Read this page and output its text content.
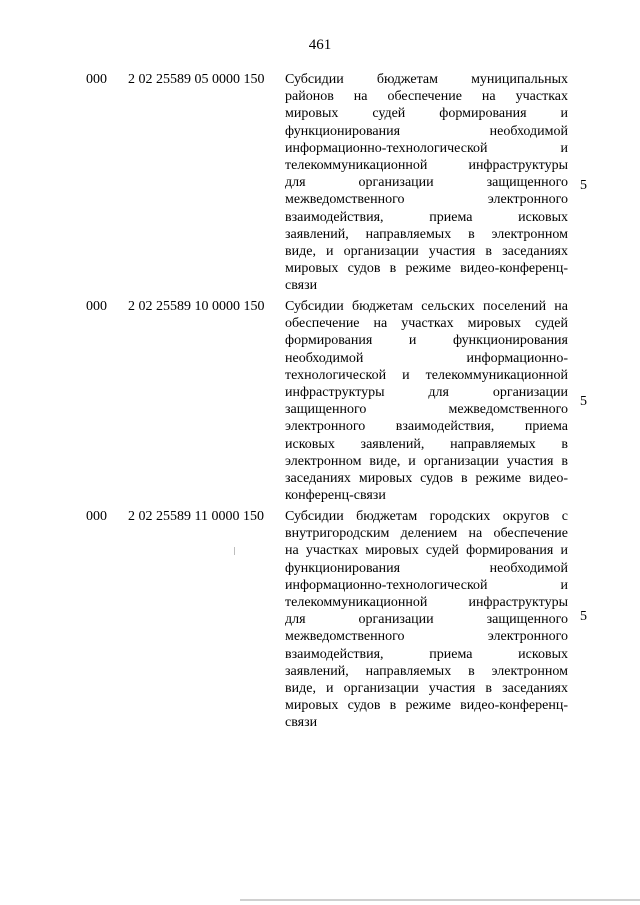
461
000 2 02 25589 05 0000 150 Субсидии бюджетам муниципальных
районов на обеспечение на участках
мировых судей формирования и
функционирования необходимой
информационно-технологической и
телекоммуникационной инфраструктуры
для организации защищенного
межведомственного электронного
взаимодействия, приема исковых
заявлений, направляемых в электронном
виде, и организации участия в заседаниях
мировых судов в режиме видео-конференц-
связи
5
000 2 02 25589 10 0000 150 Субсидии бюджетам сельских поселений на
обеспечение на участках мировых судей
формирования и функционирования
необходимой информационно-
технологической и телекоммуникационной
инфраструктуры для организации
защищенного межведомственного
электронного взаимодействия, приема
исковых заявлений, направляемых в
электронном виде, и организации участия в
заседаниях мировых судов в режиме видео-
конференц-связи
5
000 2 02 25589 11 0000 150 Субсидии бюджетам городских округов с
внутригородским делением на обеспечение
на участках мировых судей формирования и
функционирования необходимой
информационно-технологической и
телекоммуникационной инфраструктуры
для организации защищенного
межведомственного электронного
взаимодействия, приема исковых
заявлений, направляемых в электронном
виде, и организации участия в заседаниях
мировых судов в режиме видео-конференц-
связи
5
